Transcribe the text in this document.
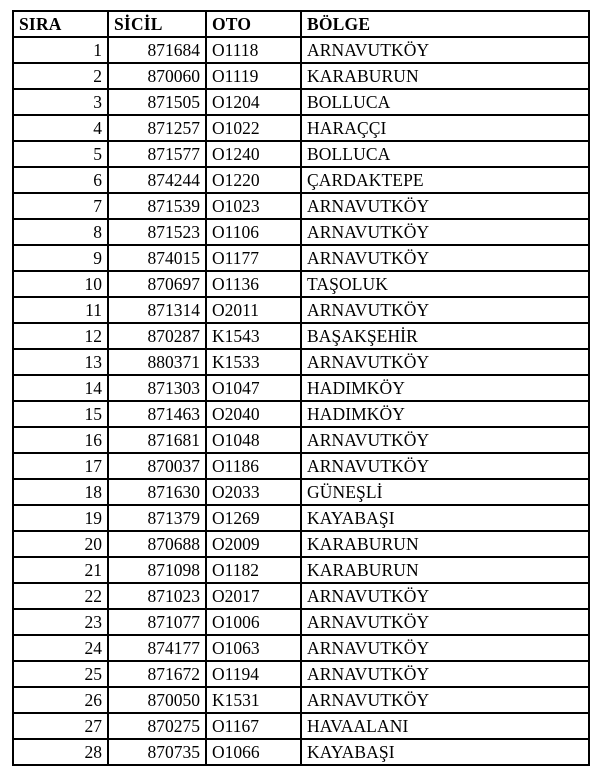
SIRA	SİCİL	OTO	BÖLGE
1	871684	O1118	ARNAVUTKÖY
2	870060	O1119	KARABURUN
3	871505	O1204	BOLLUCA
4	871257	O1022	HARAÇÇI
5	871577	O1240	BOLLUCA
6	874244	O1220	ÇARDAKTEPE
7	871539	O1023	ARNAVUTKÖY
8	871523	O1106	ARNAVUTKÖY
9	874015	O1177	ARNAVUTKÖY
10	870697	O1136	TAŞOLUK
11	871314	O2011	ARNAVUTKÖY
12	870287	K1543	BAŞAKŞEHİR
13	880371	K1533	ARNAVUTKÖY
14	871303	O1047	HADIMKÖY
15	871463	O2040	HADIMKÖY
16	871681	O1048	ARNAVUTKÖY
17	870037	O1186	ARNAVUTKÖY
18	871630	O2033	GÜNEŞLİ
19	871379	O1269	KAYABAŞI
20	870688	O2009	KARABURUN
21	871098	O1182	KARABURUN
22	871023	O2017	ARNAVUTKÖY
23	871077	O1006	ARNAVUTKÖY
24	874177	O1063	ARNAVUTKÖY
25	871672	O1194	ARNAVUTKÖY
26	870050	K1531	ARNAVUTKÖY
27	870275	O1167	HAVAALANI
28	870735	O1066	KAYABAŞI
